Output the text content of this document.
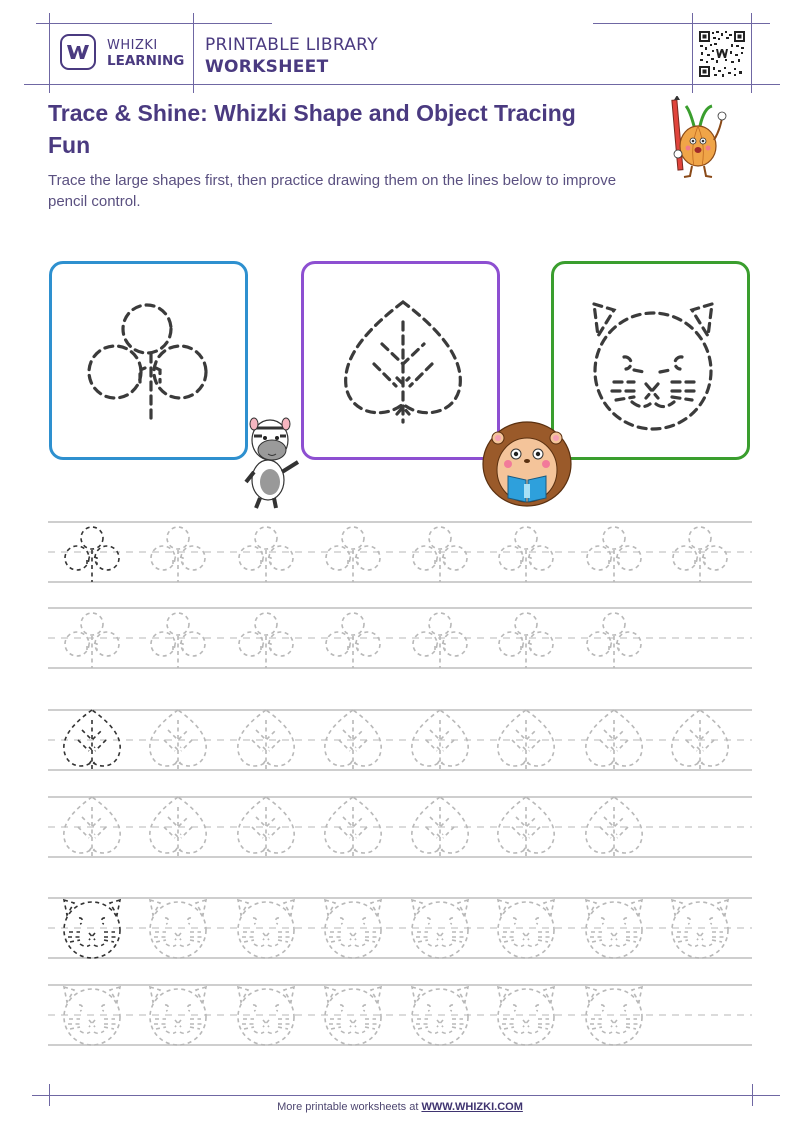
WHIZKI
LEARNING
PRINTABLE LIBRARY
WORKSHEET
Trace & Shine: Whizki Shape and Object Tracing Fun
Trace the large shapes first, then practice drawing them on the lines below to improve pencil control.
More printable worksheets at WWW.WHIZKI.COM
